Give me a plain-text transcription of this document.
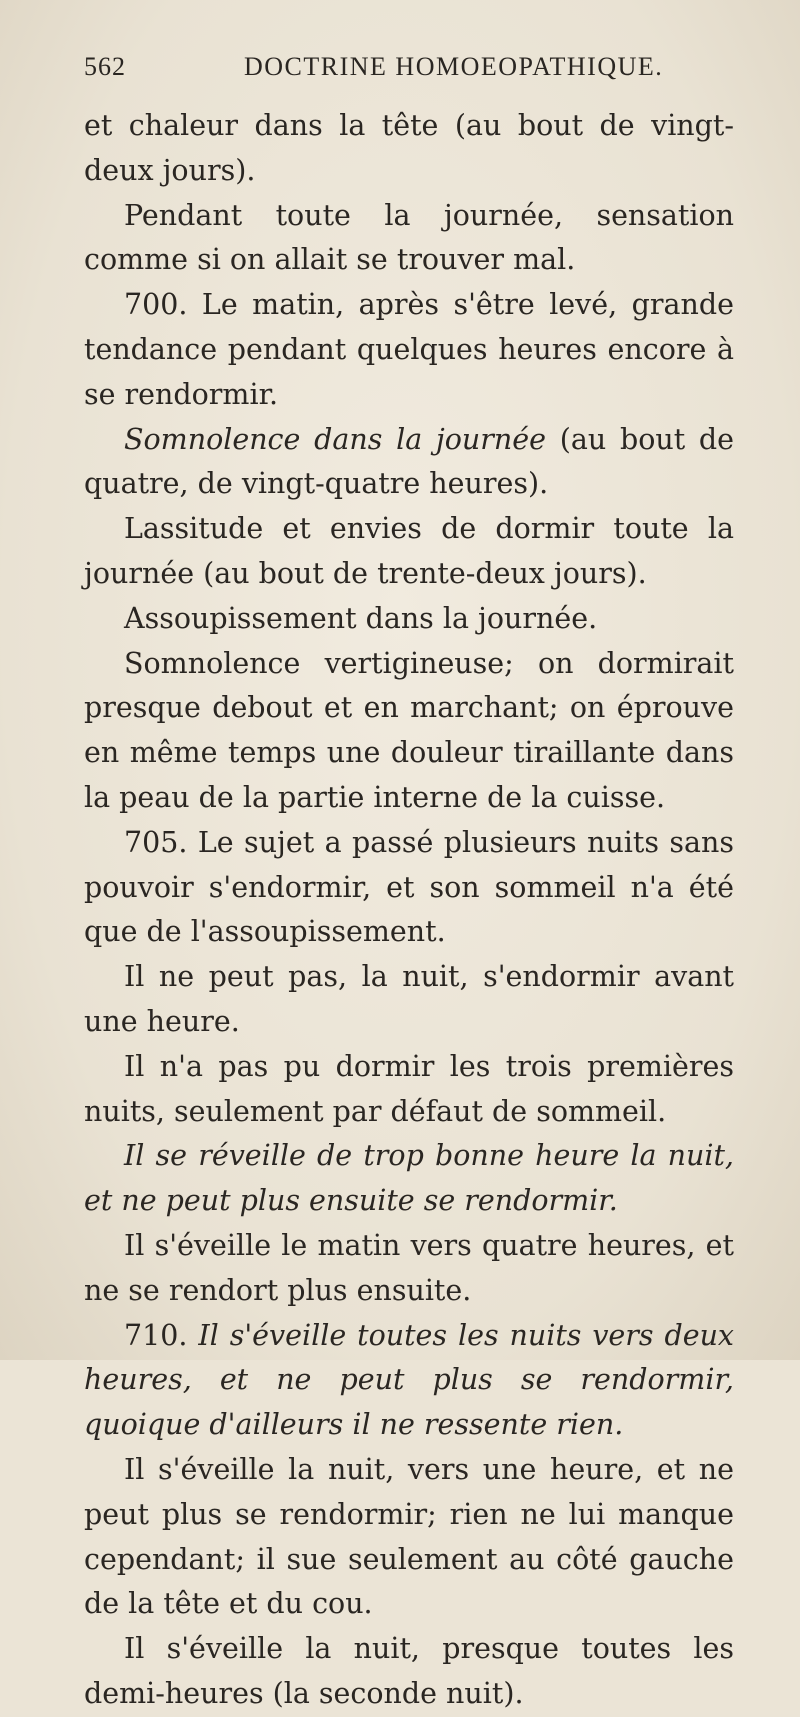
562	DOCTRINE HOMOEOPATHIQUE.

et chaleur dans la tête (au bout de vingt-deux jours).

Pendant toute la journée, sensation comme si on allait se trouver mal.

700. Le matin, après s'être levé, grande tendance pendant quelques heures encore à se rendormir.

Somnolence dans la journée (au bout de quatre, de vingt-quatre heures).

Lassitude et envies de dormir toute la journée (au bout de trente-deux jours).

Assoupissement dans la journée.

Somnolence vertigineuse; on dormirait presque debout et en marchant; on éprouve en même temps une douleur tiraillante dans la peau de la partie interne de la cuisse.

705. Le sujet a passé plusieurs nuits sans pouvoir s'endormir, et son sommeil n'a été que de l'assoupissement.

Il ne peut pas, la nuit, s'endormir avant une heure.

Il n'a pas pu dormir les trois premières nuits, seulement par défaut de sommeil.

Il se réveille de trop bonne heure la nuit, et ne peut plus ensuite se rendormir.

Il s'éveille le matin vers quatre heures, et ne se rendort plus ensuite.

710. Il s'éveille toutes les nuits vers deux heures, et ne peut plus se rendormir, quoique d'ailleurs il ne ressente rien.

Il s'éveille la nuit, vers une heure, et ne peut plus se rendormir; rien ne lui manque cependant; il sue seulement au côté gauche de la tête et du cou.

Il s'éveille la nuit, presque toutes les demi-heures (la seconde nuit).
